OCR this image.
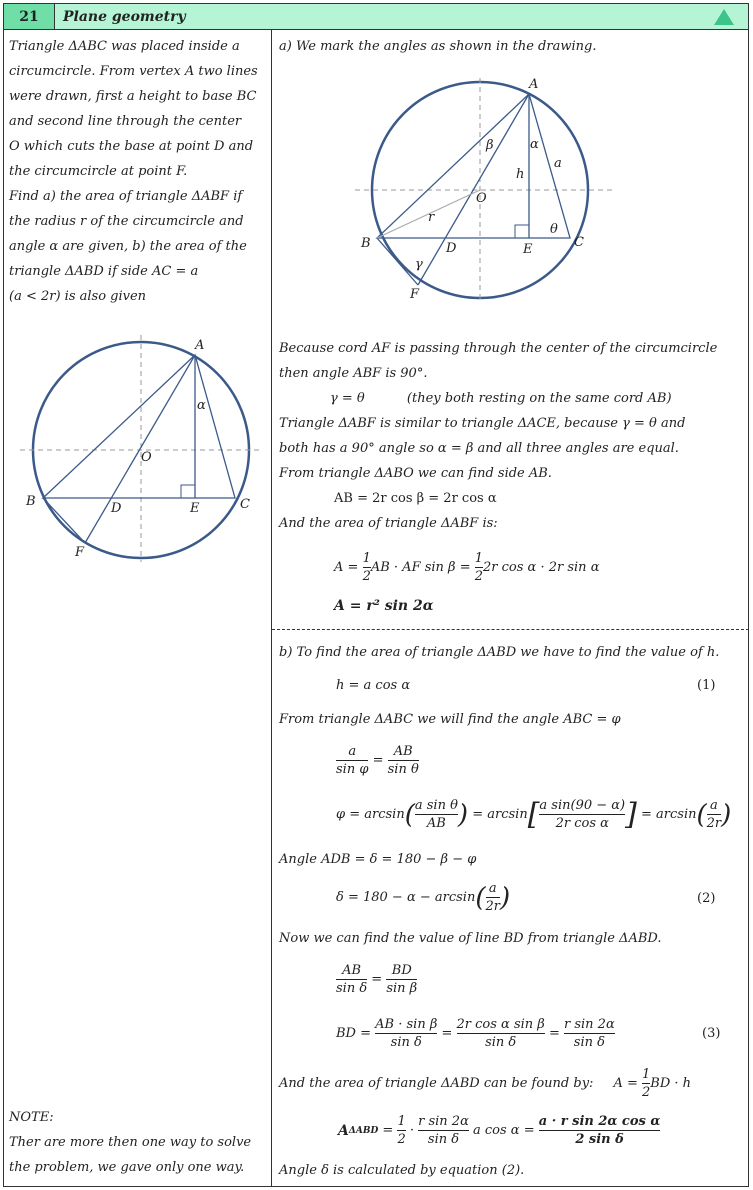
21	Plane geometry
Triangle ΔABC was placed inside a
circumcircle. From vertex A two lines
were drawn, first a height to base BC
and second line through the center
O which cuts the base at point D and
the circumcircle at point F.
Find a) the area of triangle ΔABF if
the radius r of the circumcircle and
angle α are given, b) the area of the
triangle ΔABD if side AC = a
(a < 2r) is also given
A
B	C
D	E
F
O
α
NOTE:
Ther are more then one way to solve
the problem, we gave only one way.
a) We mark the angles as shown in the drawing.
A
B	C
D	E
F
O
a
α
β
γ
θ
h
r
Because cord AF is passing through the center of the circumcircle
then angle ABF is 90°.
γ = θ	(they both resting on the same cord AB)
Triangle ΔABF is similar to triangle ΔACE, because γ = θ and
both has a 90° angle so α = β and all three angles are equal.
From triangle ΔABO we can find side AB.
AB = 2r cos β = 2r cos α
And the area of triangle ΔABF is:
A =
$\frac{1}{2}$ AB · AF sin β =
$\frac{1}{2} 2r$ cos α · 2r sin α
A = r² sin 2α
b) To find the area of triangle ΔABD we have to find the value of h.
h = a cos α	(1)
From triangle ΔABC we will find the angle ABC = φ
a
sin φ
=
AB
sin θ
φ = arcsin ( a sin θ
AB )
= arcsin [ a sin(90 − α)
2r cos α ]
= arcsin ( a
2r )
Angle ADB = δ = 180 − β − φ
δ = 180 − α − arcsin ( a
2r )	(2)
Now we can find the value of line BD from triangle ΔABD.
AB
sin δ
=
BD
sin β
BD =
$\frac{\text{AB · sin β}}{\text{sin δ}}$ =
2r cos α sin β
sin δ
=
r sin 2α
sin δ
(3)
And the area of triangle ΔABD can be found by:	A =
$\frac{1}{2}$ BD · h
A ΔABD =
1
2
·
r sin 2α
sin δ

a cos α =
$\frac{\text{a · r sin 2α cos α}}{\text{2 sin δ}}$
Angle δ is calculated by equation (2).
